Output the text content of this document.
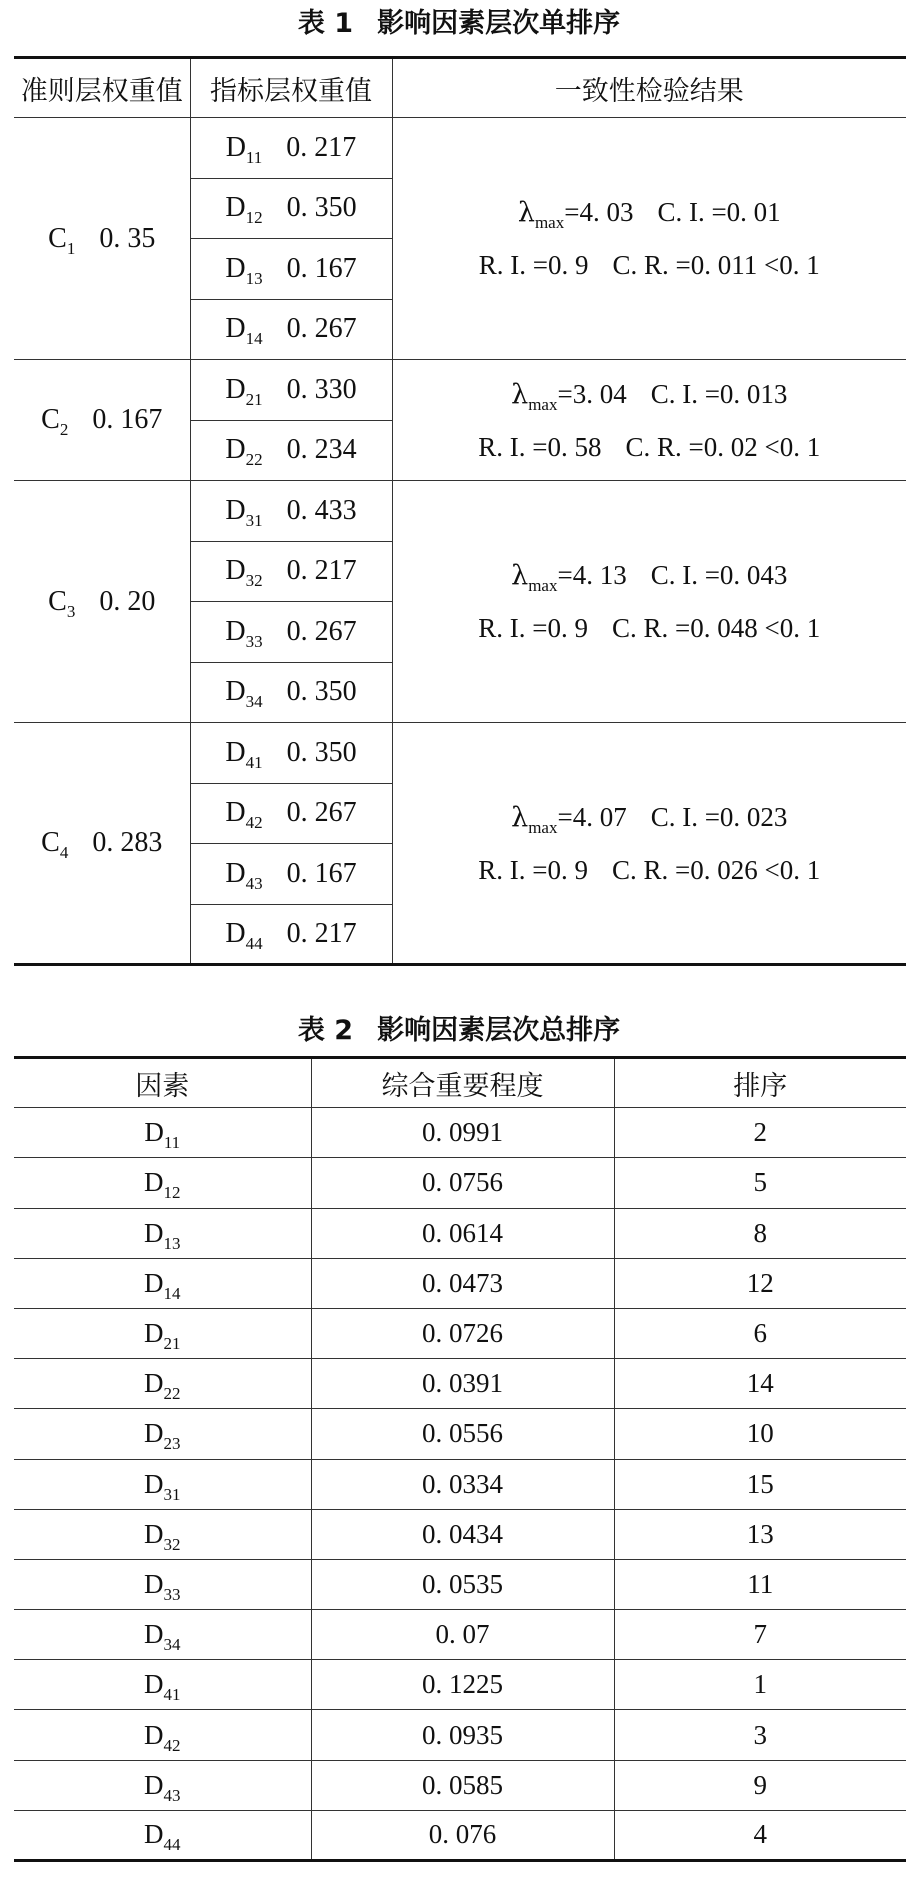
表 1 影响因素层次单排序
准则层权重值	指标层权重值	一致性检验结果
$C_1$ 0. 35	$D_{11}$ 0. 217	$\lambda_{max}=4$. 03 C. I. =0. 01
R. I. =0. 9 C. R. =0. 011 <0. 1

	$D_{12}$ 0. 350	
	$D_{13}$ 0. 167	
	$D_{14}$ 0. 267	
$C_2$ 0. 167	$D_{21}$ 0. 330	$\lambda_{max}=3$. 04 C. I. =0. 013
R. I. =0. 58 C. R. =0. 02 <0. 1

	$D_{22}$ 0. 234	
$C_3$ 0. 20	$D_{31}$ 0. 433	$\lambda_{max}=4$. 13 C. I. =0. 043
R. I. =0. 9 C. R. =0. 048 <0. 1

	$D_{32}$ 0. 217	
	$D_{33}$ 0. 267	
	$D_{34}$ 0. 350	
$C_4$ 0. 283	$D_{41}$ 0. 350	$\lambda_{max}=4$. 07 C. I. =0. 023
R. I. =0. 9 C. R. =0. 026 <0. 1

	$D_{42}$ 0. 267	
	$D_{43}$ 0. 167	
	$D_{44}$ 0. 217	
表 2 影响因素层次总排序
因素	综合重要程度	排序
$D_{11}$	0. 0991	2
$D_{12}$	0. 0756	5
$D_{13}$	0. 0614	8
$D_{14}$	0. 0473	12
$D_{21}$	0. 0726	6
$D_{22}$	0. 0391	14
$D_{23}$	0. 0556	10
$D_{31}$	0. 0334	15
$D_{32}$	0. 0434	13
$D_{33}$	0. 0535	11
$D_{34}$	0. 07	7
$D_{41}$	0. 1225	1
$D_{42}$	0. 0935	3
$D_{43}$	0. 0585	9
$D_{44}$	0. 076	4
